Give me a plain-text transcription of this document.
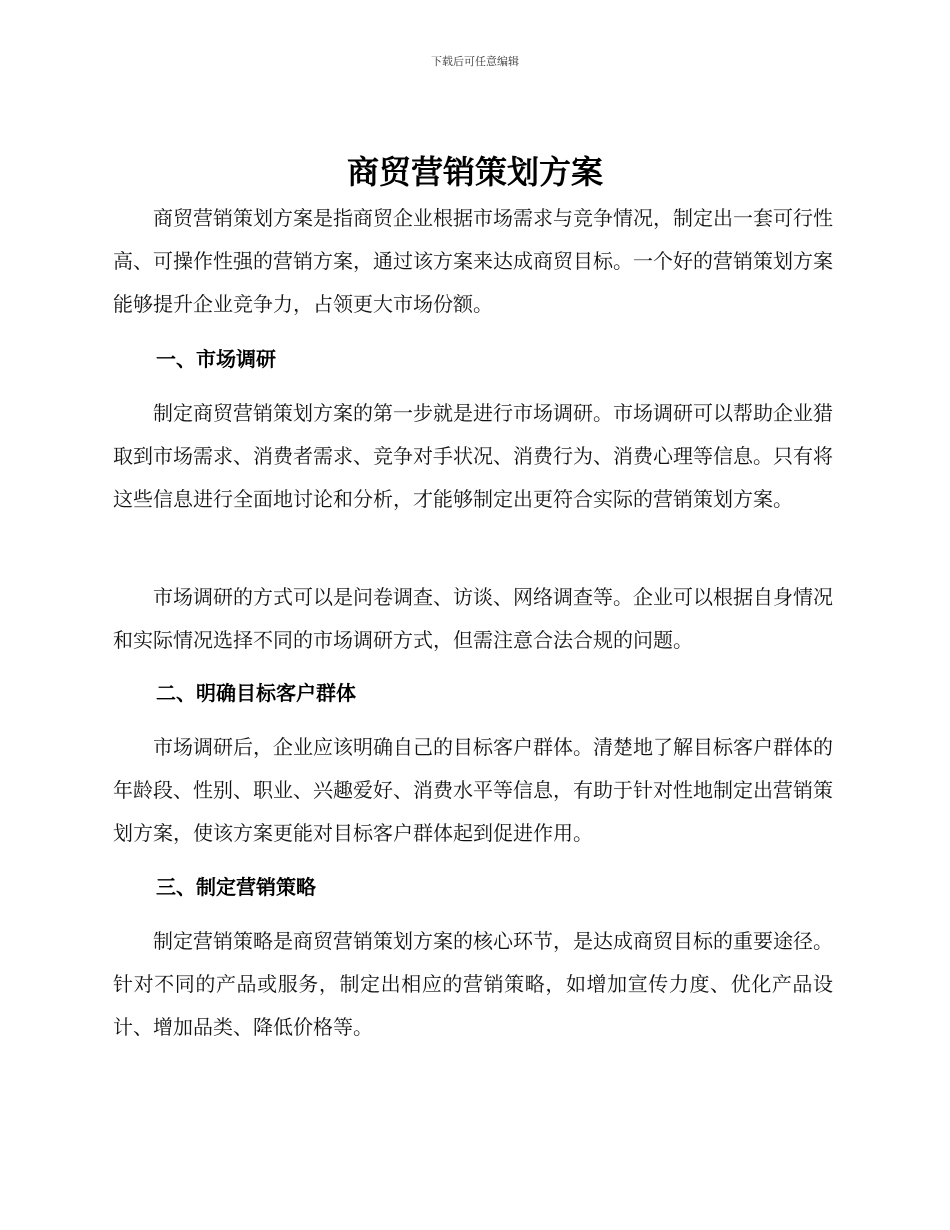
下载后可任意编辑
商贸营销策划方案

商贸营销策划方案是指商贸企业根据市场需求与竞争情况，制定出一套可行性高、可操作性强的营销方案，通过该方案来达成商贸目标。一个好的营销策划方案能够提升企业竞争力，占领更大市场份额。

一、市场调研

制定商贸营销策划方案的第一步就是进行市场调研。市场调研可以帮助企业猎取到市场需求、消费者需求、竞争对手状况、消费行为、消费心理等信息。只有将这些信息进行全面地讨论和分析，才能够制定出更符合实际的营销策划方案。

市场调研的方式可以是问卷调查、访谈、网络调查等。企业可以根据自身情况和实际情况选择不同的市场调研方式，但需注意合法合规的问题。

二、明确目标客户群体

市场调研后，企业应该明确自己的目标客户群体。清楚地了解目标客户群体的年龄段、性别、职业、兴趣爱好、消费水平等信息，有助于针对性地制定出营销策划方案，使该方案更能对目标客户群体起到促进作用。

三、制定营销策略

制定营销策略是商贸营销策划方案的核心环节，是达成商贸目标的重要途径。针对不同的产品或服务，制定出相应的营销策略，如增加宣传力度、优化产品设计、增加品类、降低价格等。
